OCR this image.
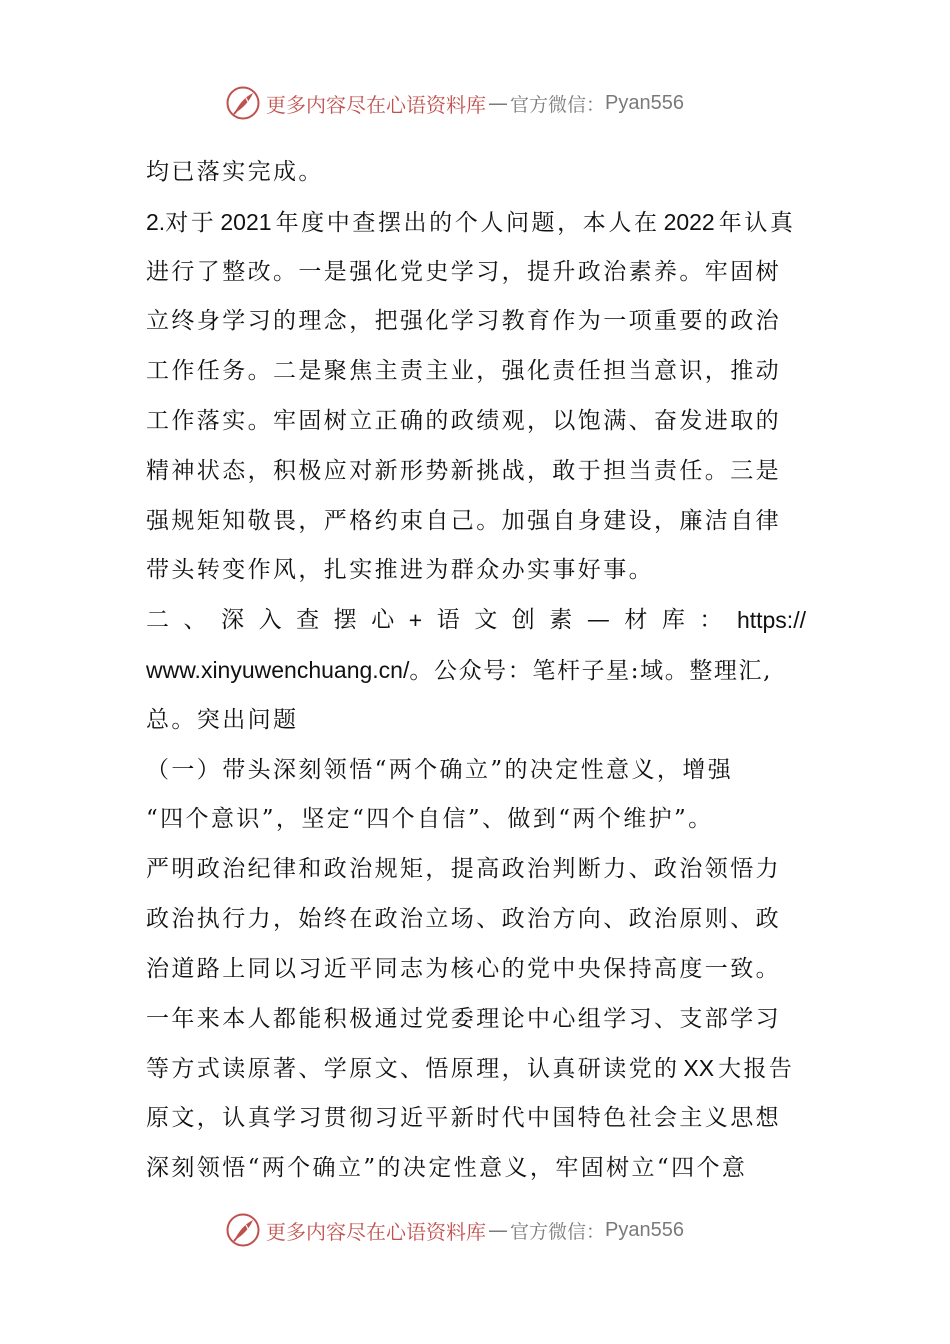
更多内容尽在心语资料库 — 官方微信： Pyan556
均已落实完成。
2.对于 2021 年度中查摆出的个人问题，本人在 2022 年认真
进行了整改。一是强化党史学习，提升政治素养。牢固树
立终身学习的理念，把强化学习教育作为一项重要的政治
工作任务。二是聚焦主责主业，强化责任担当意识，推动
工作落实。牢固树立正确的政绩观，以饱满、奋发进取的
精神状态，积极应对新形势新挑战，敢于担当责任。三是
强规矩知敬畏，严格约束自己。加强自身建设，廉洁自律
带头转变作风，扎实推进为群众办实事好事。
二 、 深 入 查 摆 心 + 语 文 创 素 — 材 库 ： https://
www.xinyuwenchuang.cn/。公众号：笔杆子星:域。整理汇,
总。突出问题
（一）带头深刻领悟“两个确立”的决定性意义，增强
“四个意识”，坚定“四个自信”、做到“两个维护”。
严明政治纪律和政治规矩，提高政治判断力、政治领悟力
政治执行力，始终在政治立场、政治方向、政治原则、政
治道路上同以习近平同志为核心的党中央保持高度一致。
一年来本人都能积极通过党委理论中心组学习、支部学习
等方式读原著、学原文、悟原理，认真研读党的 XX 大报告
原文，认真学习贯彻习近平新时代中国特色社会主义思想
深刻领悟“两个确立”的决定性意义，牢固树立“四个意
更多内容尽在心语资料库 — 官方微信： Pyan556
